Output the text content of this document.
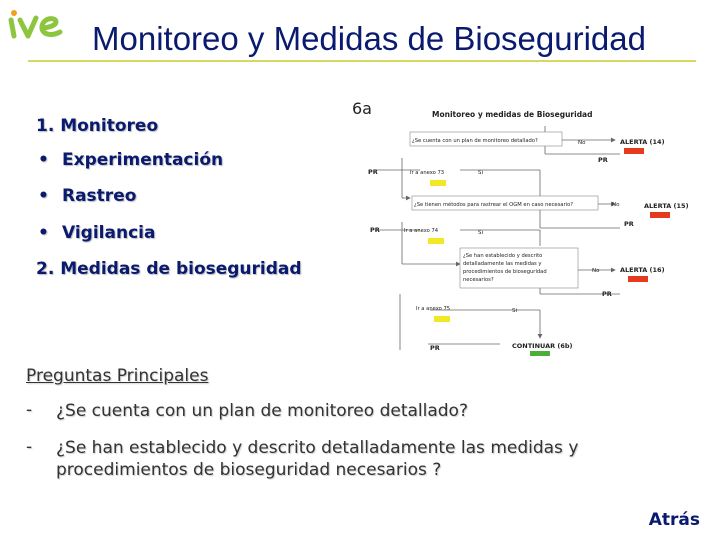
Monitoreo y Medidas de Bioseguridad
1. Monitoreo
• Experimentación
• Rastreo
• Vigilancia
2. Medidas de bioseguridad
6a	Monitoreo y medidas de Bioseguridad
¿Se cuenta con un plan de monitoreo detallado?
¿Se tienen métodos para rastrear el OGM en caso necesario?
¿Se han establecido y descrito
detalladamente las medidas y
procedimientos de bioseguridad
necesarios?
No
No
No
Si
Si
Si
PR
PR
PR
PR
PR
PR
ALERTA (14)
ALERTA (15)
ALERTA (16)
Ir a anexo 73
Ir a anexo 74
Ir a anexo 75
CONTINUAR (6b)
Preguntas Principales
- ¿Se cuenta con un plan de monitoreo detallado?
- ¿Se han establecido y descrito detalladamente las medidas y procedimientos de bioseguridad necesarios ?
Atrás
